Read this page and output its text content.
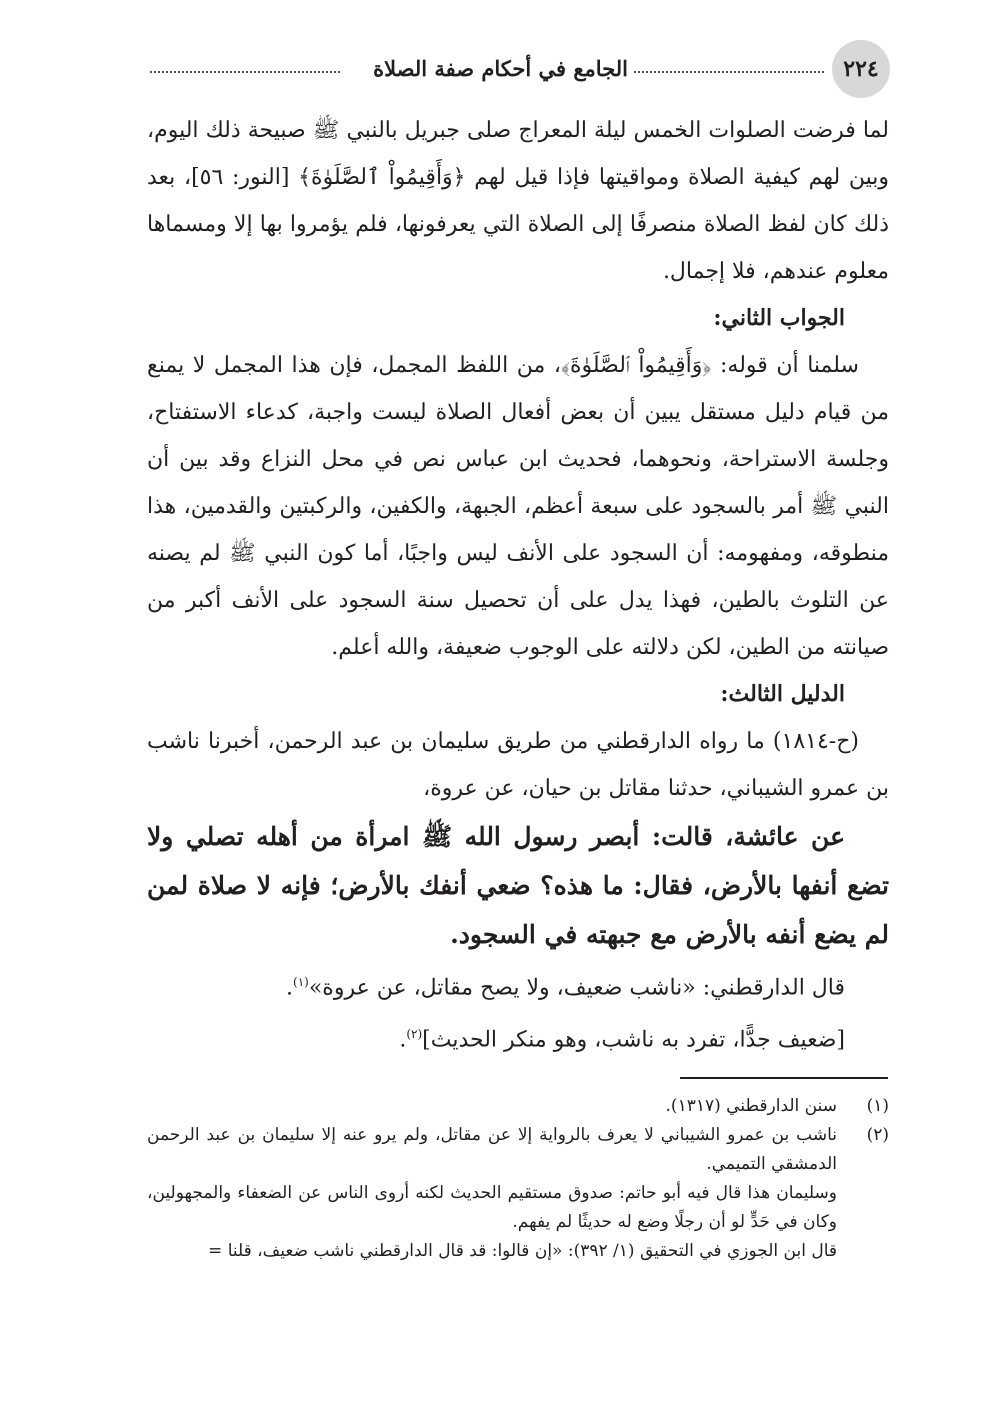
٢٢٤
الجامع في أحكام صفة الصلاة

لما فرضت الصلوات الخمس ليلة المعراج صلى جبريل بالنبي ﷺ صبيحة ذلك اليوم، وبين لهم كيفية الصلاة ومواقيتها فإذا قيل لهم ﴿وَأَقِيمُواْ ٱلصَّلَوٰةَ﴾ [النور: ٥٦]، بعد ذلك كان لفظ الصلاة منصرفًا إلى الصلاة التي يعرفونها، فلم يؤمروا بها إلا ومسماها معلوم عندهم، فلا إجمال.

الجواب الثاني:

سلمنا أن قوله: ﴿وَأَقِيمُواْ ٱلصَّلَوٰةَ﴾، من اللفظ المجمل، فإن هذا المجمل لا يمنع من قيام دليل مستقل يبين أن بعض أفعال الصلاة ليست واجبة، كدعاء الاستفتاح، وجلسة الاستراحة، ونحوهما، فحديث ابن عباس نص في محل النزاع وقد بين أن النبي ﷺ أمر بالسجود على سبعة أعظم، الجبهة، والكفين، والركبتين والقدمين، هذا منطوقه، ومفهومه: أن السجود على الأنف ليس واجبًا، أما كون النبي ﷺ لم يصنه عن التلوث بالطين، فهذا يدل على أن تحصيل سنة السجود على الأنف أكبر من صيانته من الطين، لكن دلالته على الوجوب ضعيفة، والله أعلم.

الدليل الثالث:

(ح-١٨١٤) ما رواه الدارقطني من طريق سليمان بن عبد الرحمن، أخبرنا ناشب بن عمرو الشيباني، حدثنا مقاتل بن حيان، عن عروة،

عن عائشة، قالت: أبصر رسول الله ﷺ امرأة من أهله تصلي ولا تضع أنفها بالأرض، فقال: ما هذه؟ ضعي أنفك بالأرض؛ فإنه لا صلاة لمن لم يضع أنفه بالأرض مع جبهته في السجود.

قال الدارقطني: «ناشب ضعيف، ولا يصح مقاتل، عن عروة»$^{(١)}$.

[ضعيف جدًّا، تفرد به ناشب، وهو منكر الحديث]$^{(٢)}$.

(١)
سنن الدارقطني (١٣١٧).

(٢)
ناشب بن عمرو الشيباني لا يعرف بالرواية إلا عن مقاتل، ولم يرو عنه إلا سليمان بن عبد الرحمن الدمشقي التميمي.

وسليمان هذا قال فيه أبو حاتم: صدوق مستقيم الحديث لكنه أروى الناس عن الضعفاء والمجهولين، وكان في حَدٍّ لو أن رجلًا وضع له حديثًا لم يفهم.

قال ابن الجوزي في التحقيق (١/ ٣٩٢): «إن قالوا: قد قال الدارقطني ناشب ضعيف، قلنا =
